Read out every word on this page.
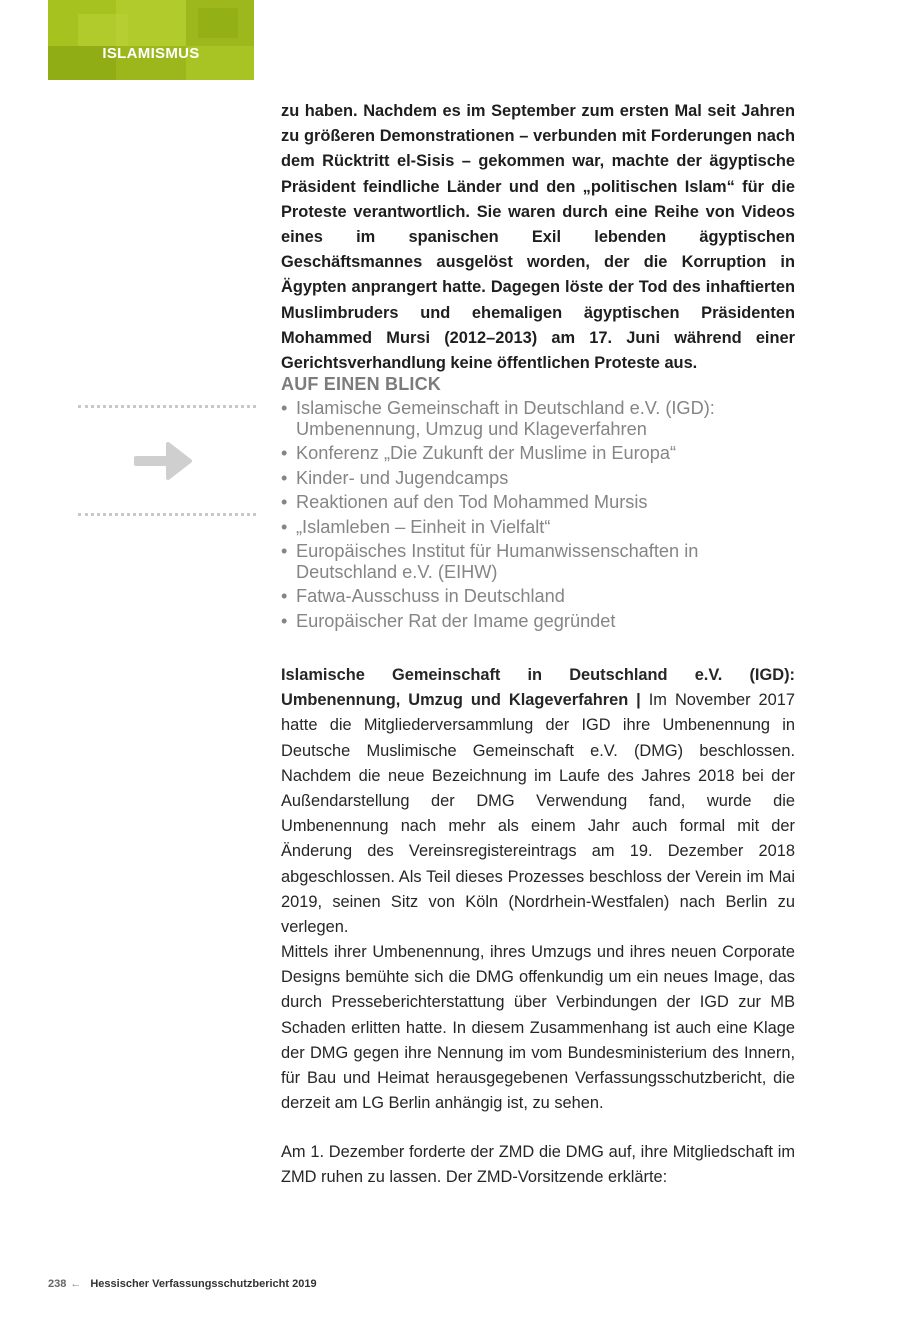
ISLAMISMUS
zu haben. Nachdem es im September zum ersten Mal seit Jahren zu größeren Demonstrationen – verbunden mit Forderungen nach dem Rücktritt el-Sisis – gekommen war, machte der ägyptische Präsident feindliche Länder und den „politischen Islam“ für die Proteste verantwortlich. Sie waren durch eine Reihe von Videos eines im spanischen Exil lebenden ägyptischen Geschäftsmannes ausgelöst worden, der die Korruption in Ägypten anprangert hatte. Dagegen löste der Tod des inhaftierten Muslimbruders und ehemaligen ägyptischen Präsidenten Mohammed Mursi (2012–2013) am 17. Juni während einer Gerichtsverhandlung keine öffentlichen Proteste aus.
AUF EINEN BLICK
• Islamische Gemeinschaft in Deutschland e.V. (IGD): Umbenennung, Umzug und Klageverfahren
• Konferenz „Die Zukunft der Muslime in Europa“
• Kinder- und Jugendcamps
• Reaktionen auf den Tod Mohammed Mursis
• „Islamleben – Einheit in Vielfalt“
• Europäisches Institut für Humanwissenschaften in Deutschland e.V. (EIHW)
• Fatwa-Ausschuss in Deutschland
• Europäischer Rat der Imame gegründet
Islamische Gemeinschaft in Deutschland e.V. (IGD): Umbenennung, Umzug und Klageverfahren | Im November 2017 hatte die Mitgliederversammlung der IGD ihre Umbenennung in Deutsche Muslimische Gemeinschaft e.V. (DMG) beschlossen. Nachdem die neue Bezeichnung im Laufe des Jahres 2018 bei der Außendarstellung der DMG Verwendung fand, wurde die Umbenennung nach mehr als einem Jahr auch formal mit der Änderung des Vereinsregistereintrags am 19. Dezember 2018 abgeschlossen. Als Teil dieses Prozesses beschloss der Verein im Mai 2019, seinen Sitz von Köln (Nordrhein-Westfalen) nach Berlin zu verlegen.
Mittels ihrer Umbenennung, ihres Umzugs und ihres neuen Corporate Designs bemühte sich die DMG offenkundig um ein neues Image, das durch Presseberichterstattung über Verbindungen der IGD zur MB Schaden erlitten hatte. In diesem Zusammenhang ist auch eine Klage der DMG gegen ihre Nennung im vom Bundesministerium des Innern, für Bau und Heimat herausgegebenen Verfassungsschutzbericht, die derzeit am LG Berlin anhängig ist, zu sehen.
Am 1. Dezember forderte der ZMD die DMG auf, ihre Mitgliedschaft im ZMD ruhen zu lassen. Der ZMD-Vorsitzende erklärte:
238 ← Hessischer Verfassungsschutzbericht 2019
